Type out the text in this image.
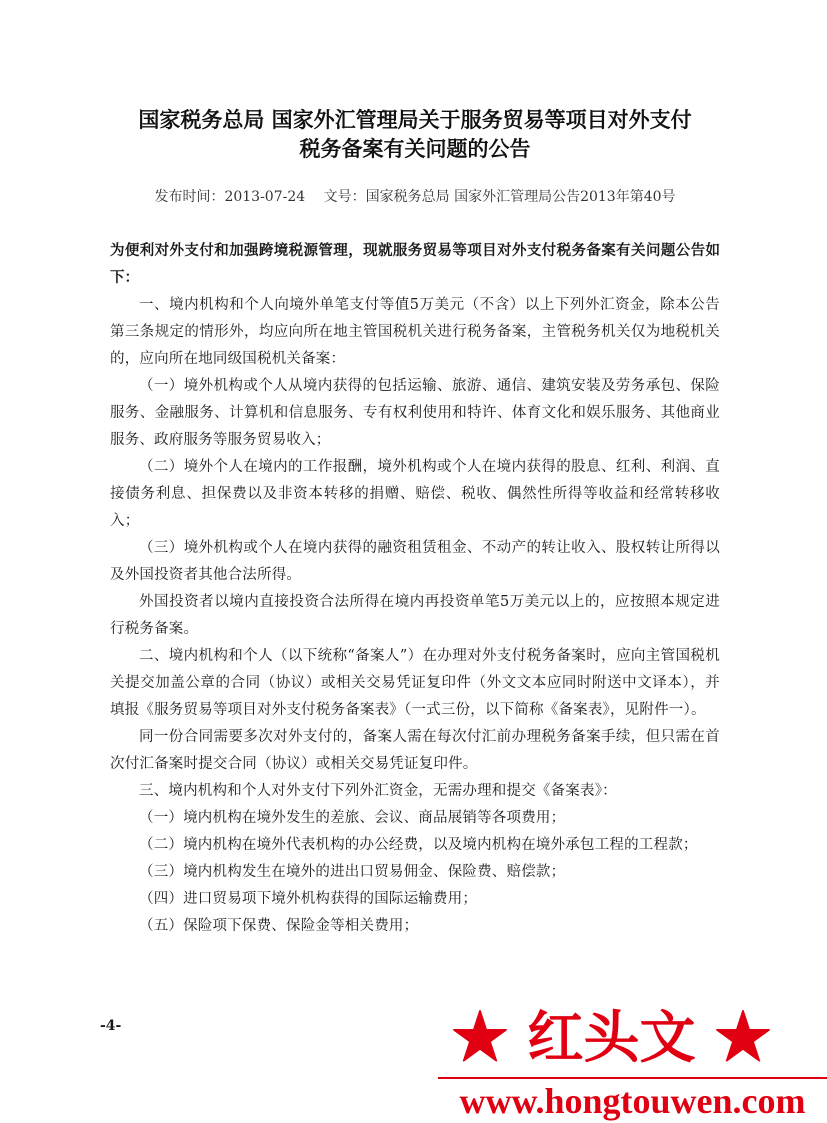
国家税务总局 国家外汇管理局关于服务贸易等项目对外支付
税务备案有关问题的公告
发布时间：2013-07-24 文号：国家税务总局 国家外汇管理局公告2013年第40号
为便利对外支付和加强跨境税源管理，现就服务贸易等项目对外支付税务备案有关问题公告如下：

一、境内机构和个人向境外单笔支付等值5万美元（不含）以上下列外汇资金，除本公告第三条规定的情形外，均应向所在地主管国税机关进行税务备案，主管税务机关仅为地税机关的，应向所在地同级国税机关备案：

（一）境外机构或个人从境内获得的包括运输、旅游、通信、建筑安装及劳务承包、保险服务、金融服务、计算机和信息服务、专有权利使用和特许、体育文化和娱乐服务、其他商业服务、政府服务等服务贸易收入；

（二）境外个人在境内的工作报酬，境外机构或个人在境内获得的股息、红利、利润、直接债务利息、担保费以及非资本转移的捐赠、赔偿、税收、偶然性所得等收益和经常转移收入；

（三）境外机构或个人在境内获得的融资租赁租金、不动产的转让收入、股权转让所得以及外国投资者其他合法所得。

外国投资者以境内直接投资合法所得在境内再投资单笔5万美元以上的，应按照本规定进行税务备案。

二、境内机构和个人（以下统称“备案人”）在办理对外支付税务备案时，应向主管国税机关提交加盖公章的合同（协议）或相关交易凭证复印件（外文文本应同时附送中文译本），并填报《服务贸易等项目对外支付税务备案表》（一式三份，以下简称《备案表》，见附件一）。

同一份合同需要多次对外支付的，备案人需在每次付汇前办理税务备案手续，但只需在首次付汇备案时提交合同（协议）或相关交易凭证复印件。

三、境内机构和个人对外支付下列外汇资金，无需办理和提交《备案表》：

（一）境内机构在境外发生的差旅、会议、商品展销等各项费用；

（二）境内机构在境外代表机构的办公经费，以及境内机构在境外承包工程的工程款；

（三）境内机构发生在境外的进出口贸易佣金、保险费、赔偿款；

（四）进口贸易项下境外机构获得的国际运输费用；

（五）保险项下保费、保险金等相关费用；

-4-	★ 红头文 ★
www.hongtouwen.com
